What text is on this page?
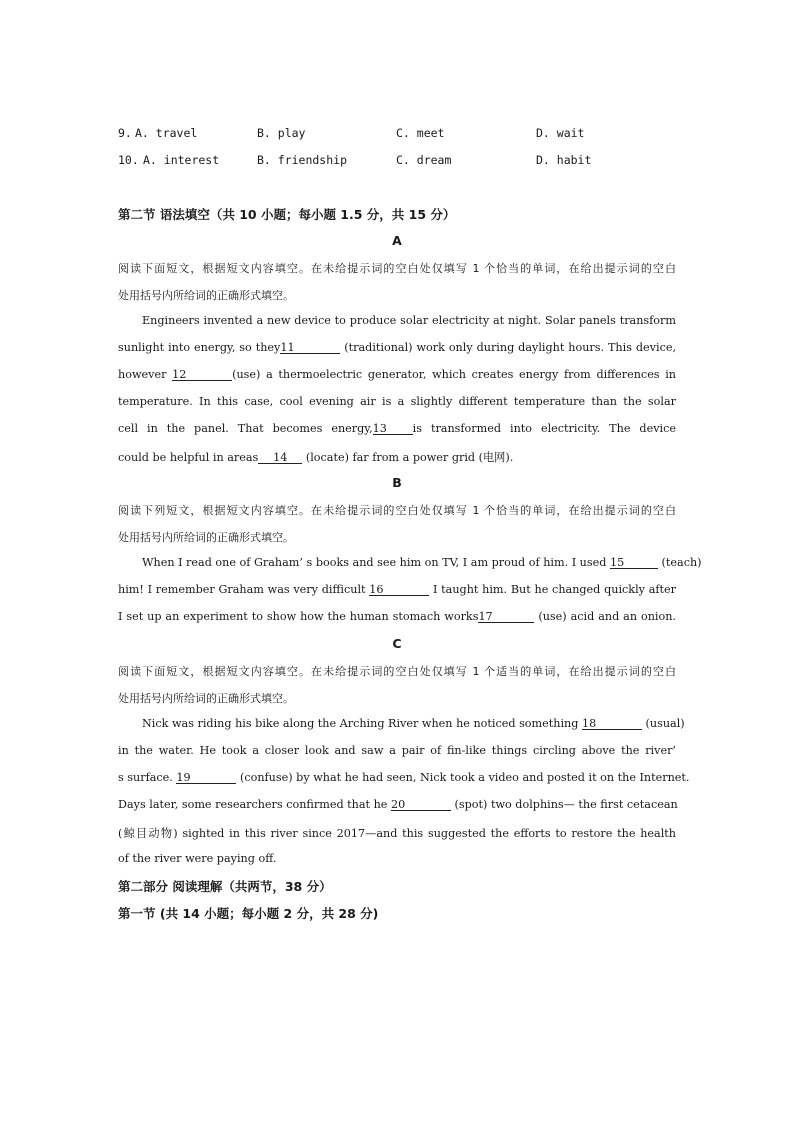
9. A. travel	B. play	C. meet	D. wait
10. A. interest	B. friendship	C. dream	D. habit
第二节 语法填空（共 10 小题；每小题 1.5 分，共 15 分）
A
阅读下面短文，根据短文内容填空。在未给提示词的空白处仅填写 1 个恰当的单词，在给出提示词的空白
处用括号内所给词的正确形式填空。
Engineers invented a new device to produce solar electricity at night. Solar panels transform
sunlight into energy, so they11	(traditional) work only during daylight hours. This device,
however 12	(use) a thermoelectric generator, which creates energy from differences in
temperature. In this case, cool evening air is a slightly different temperature than the solar
cell in the panel. That becomes energy,13 is transformed into electricity. The device
could be helpful in areas 14 (locate) far from a power grid (电网).
B
阅读下列短文，根据短文内容填空。在未给提示词的空白处仅填写 1 个恰当的单词，在给出提示词的空白
处用括号内所给词的正确形式填空。
When I read one of Graham’ s books and see him on TV, I am proud of him. I used 15	(teach)
him! I remember Graham was very difficult 16	I taught him. But he changed quickly after
I set up an experiment to show how the human stomach works17	(use) acid and an onion.
C
阅读下面短文，根据短文内容填空。在未给提示词的空白处仅填写 1 个适当的单词，在给出提示词的空白
处用括号内所给词的正确形式填空。
Nick was riding his bike along the Arching River when he noticed something 18	(usual)
in the water. He took a closer look and saw a pair of fin-like things circling above the river’
s surface. 19	(confuse) by what he had seen, Nick took a video and posted it on the Internet.
Days later, some researchers confirmed that he 20	(spot) two dolphins— the first cetacean
(鲸目动物) sighted in this river since 2017—and this suggested the efforts to restore the health
of the river were paying off.
第二部分 阅读理解（共两节，38 分）
第一节 (共 14 小题；每小题 2 分，共 28 分)
